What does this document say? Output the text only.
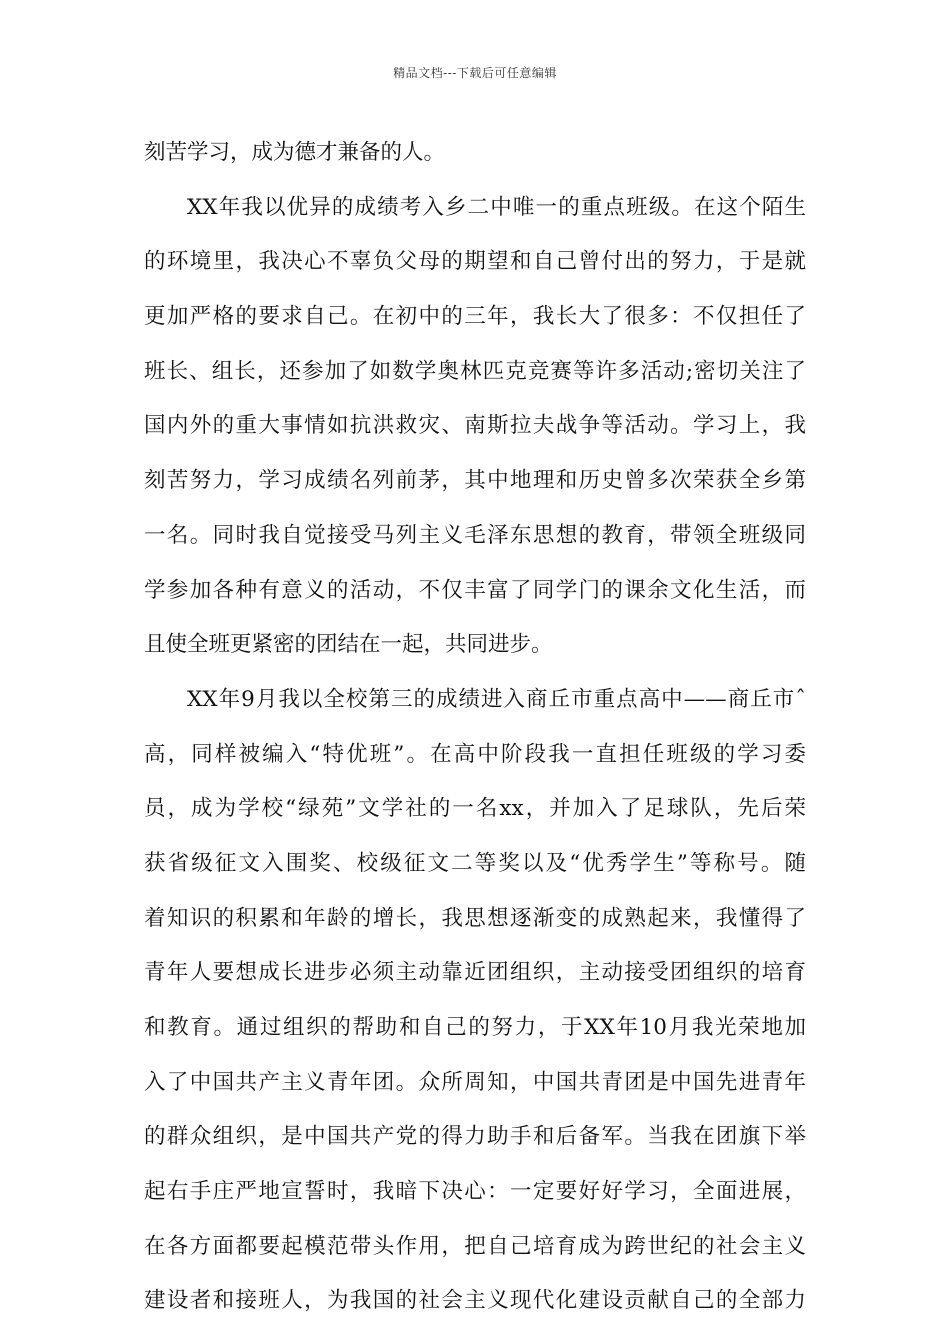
精品文档---下载后可任意编辑
刻苦学习，成为德才兼备的人。
XX年我以优异的成绩考入乡二中唯一的重点班级。在这个陌生
的环境里，我决心不辜负父母的期望和自己曾付出的努力，于是就
更加严格的要求自己。在初中的三年，我长大了很多：不仅担任了
班长、组长，还参加了如数学奥林匹克竞赛等许多活动;密切关注了
国内外的重大事情如抗洪救灾、南斯拉夫战争等活动。学习上，我
刻苦努力，学习成绩名列前茅，其中地理和历史曾多次荣获全乡第
一名。同时我自觉接受马列主义毛泽东思想的教育，带领全班级同
学参加各种有意义的活动，不仅丰富了同学门的课余文化生活，而
且使全班更紧密的团结在一起，共同进步。
XX年9月我以全校第三的成绩进入商丘市重点高中——商丘市ˆ
高，同样被编入“特优班”。在高中阶段我一直担任班级的学习委
员，成为学校“绿苑”文学社的一名xx，并加入了足球队，先后荣
获省级征文入围奖、校级征文二等奖以及“优秀学生”等称号。随
着知识的积累和年龄的增长，我思想逐渐变的成熟起来，我懂得了
青年人要想成长进步必须主动靠近团组织，主动接受团组织的培育
和教育。通过组织的帮助和自己的努力，于XX年10月我光荣地加
入了中国共产主义青年团。众所周知，中国共青团是中国先进青年
的群众组织，是中国共产党的得力助手和后备军。当我在团旗下举
起右手庄严地宣誓时，我暗下决心：一定要好好学习，全面进展，
在各方面都要起模范带头作用，把自己培育成为跨世纪的社会主义
建设者和接班人，为我国的社会主义现代化建设贡献自己的全部力
